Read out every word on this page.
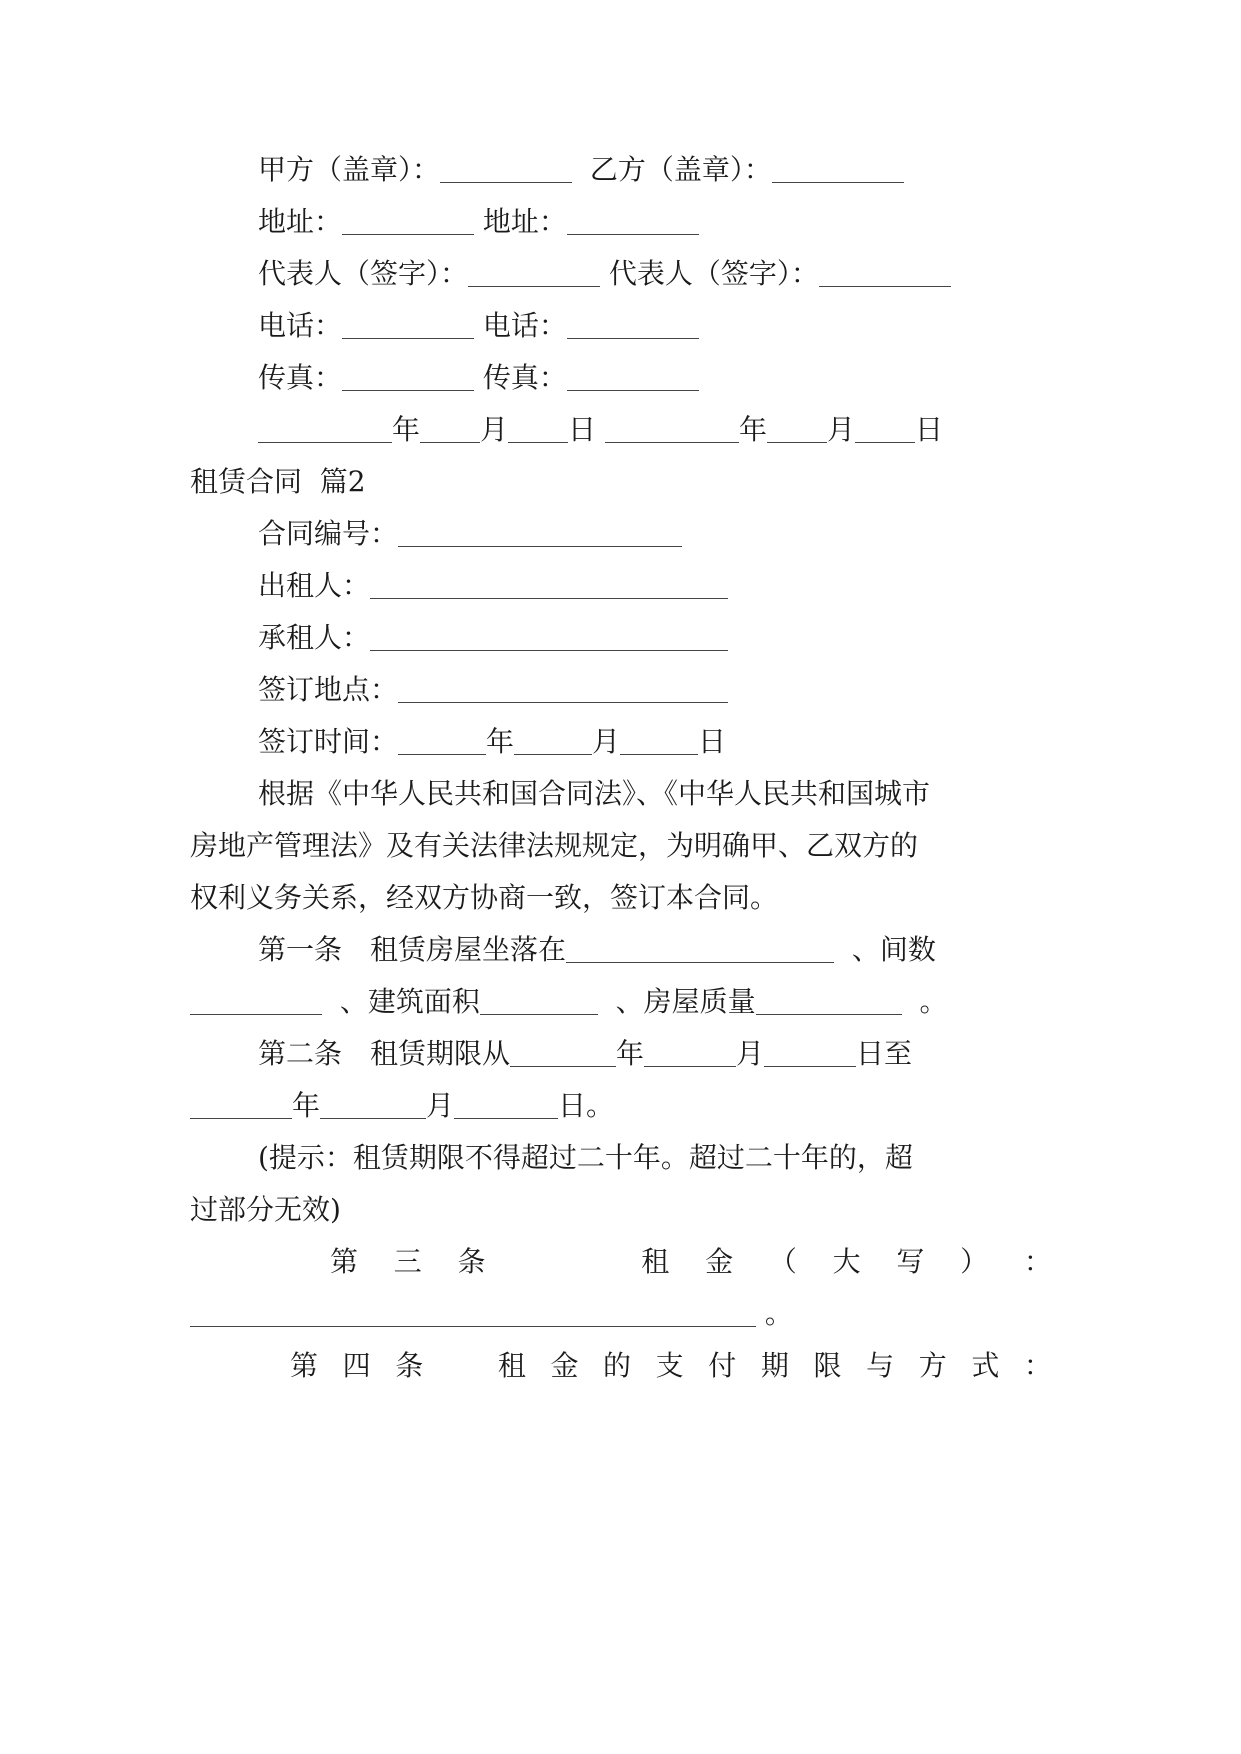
甲方（盖章）：	乙方（盖章）：
地址：	地址：
代表人（签字）：	代表人（签字）：
电话：	电话：
传真：	传真：
年 月 日	年 月 日
租赁合同  篇2
合同编号：
出租人：
承租人：
签订地点：
签订时间：	年	月	日
根据《中华人民共和国合同法》、《中华人民共和国城市
房地产管理法》及有关法律法规规定，为明确甲、乙双方的
权利义务关系，经双方协商一致，签订本合同。
第一条　租赁房屋坐落在	、间数
、建筑面积	、房屋质量	。
第二条　租赁期限从	年	月	日至
年	月	日。
(提示：租赁期限不得超过二十年。超过二十年的，超
过部分无效)
第 三 条	租 金 （ 大 写 ） ：
。
第 四 条	租 金 的 支 付 期 限 与 方 式 ：
